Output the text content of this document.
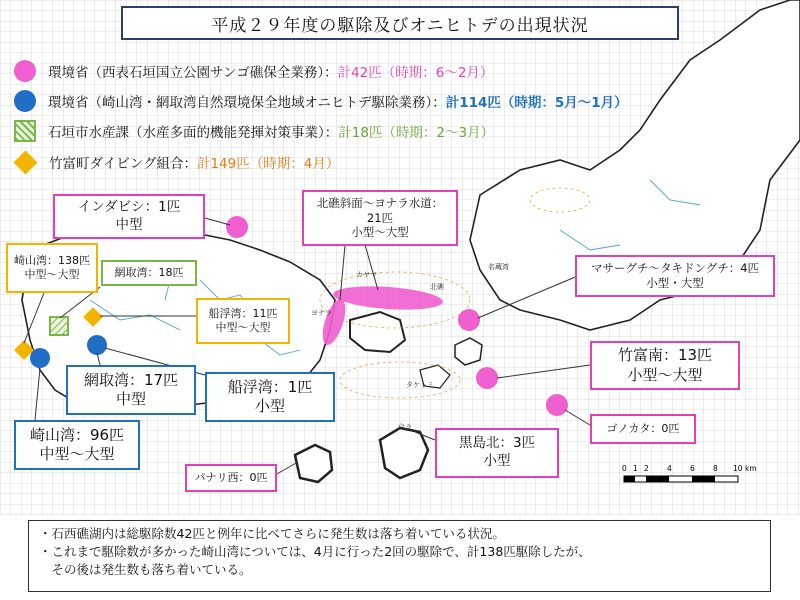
平成２９年度の駆除及びオニヒトデの出現状況
環境省（西表石垣国立公園サンゴ礁保全業務）： 計42匹（時期：6～2月）
環境省（崎山湾・網取湾自然環境保全地域オニヒトデ駆除業務）： 計114匹（時期：5月～1月）
石垣市水産課（水産多面的機能発揮対策事業）： 計18匹（時期：2～3月）
竹富町ダイビング組合： 計149匹（時期：4月）
インダビシ：1匹
中型
北礁斜面～ヨナラ水道：
21匹
小型～大型
崎山湾：138匹
中型～大型	網取湾：18匹
船浮湾：11匹
中型～大型
マサーグチ～タキドングチ：4匹
小型・大型
竹富南：13匹
小型～大型
網取湾：17匹
中型
船浮湾：1匹
小型
崎山湾：96匹
中型～大型
ゴノカタ：0匹
黒島北：3匹
小型
パナリ西：0匹
ヨナラ
北礁
名蔵湾
カヤマ
ウラ
タケトミ
0 1 2 4 6 8 10 km
・石西礁湖内は総駆除数42匹と例年に比べてさらに発生数は落ち着いている状況。
・これまで駆除数が多かった崎山湾については、4月に行った2回の駆除で、計138匹駆除したが、
　その後は発生数も落ち着いている。
